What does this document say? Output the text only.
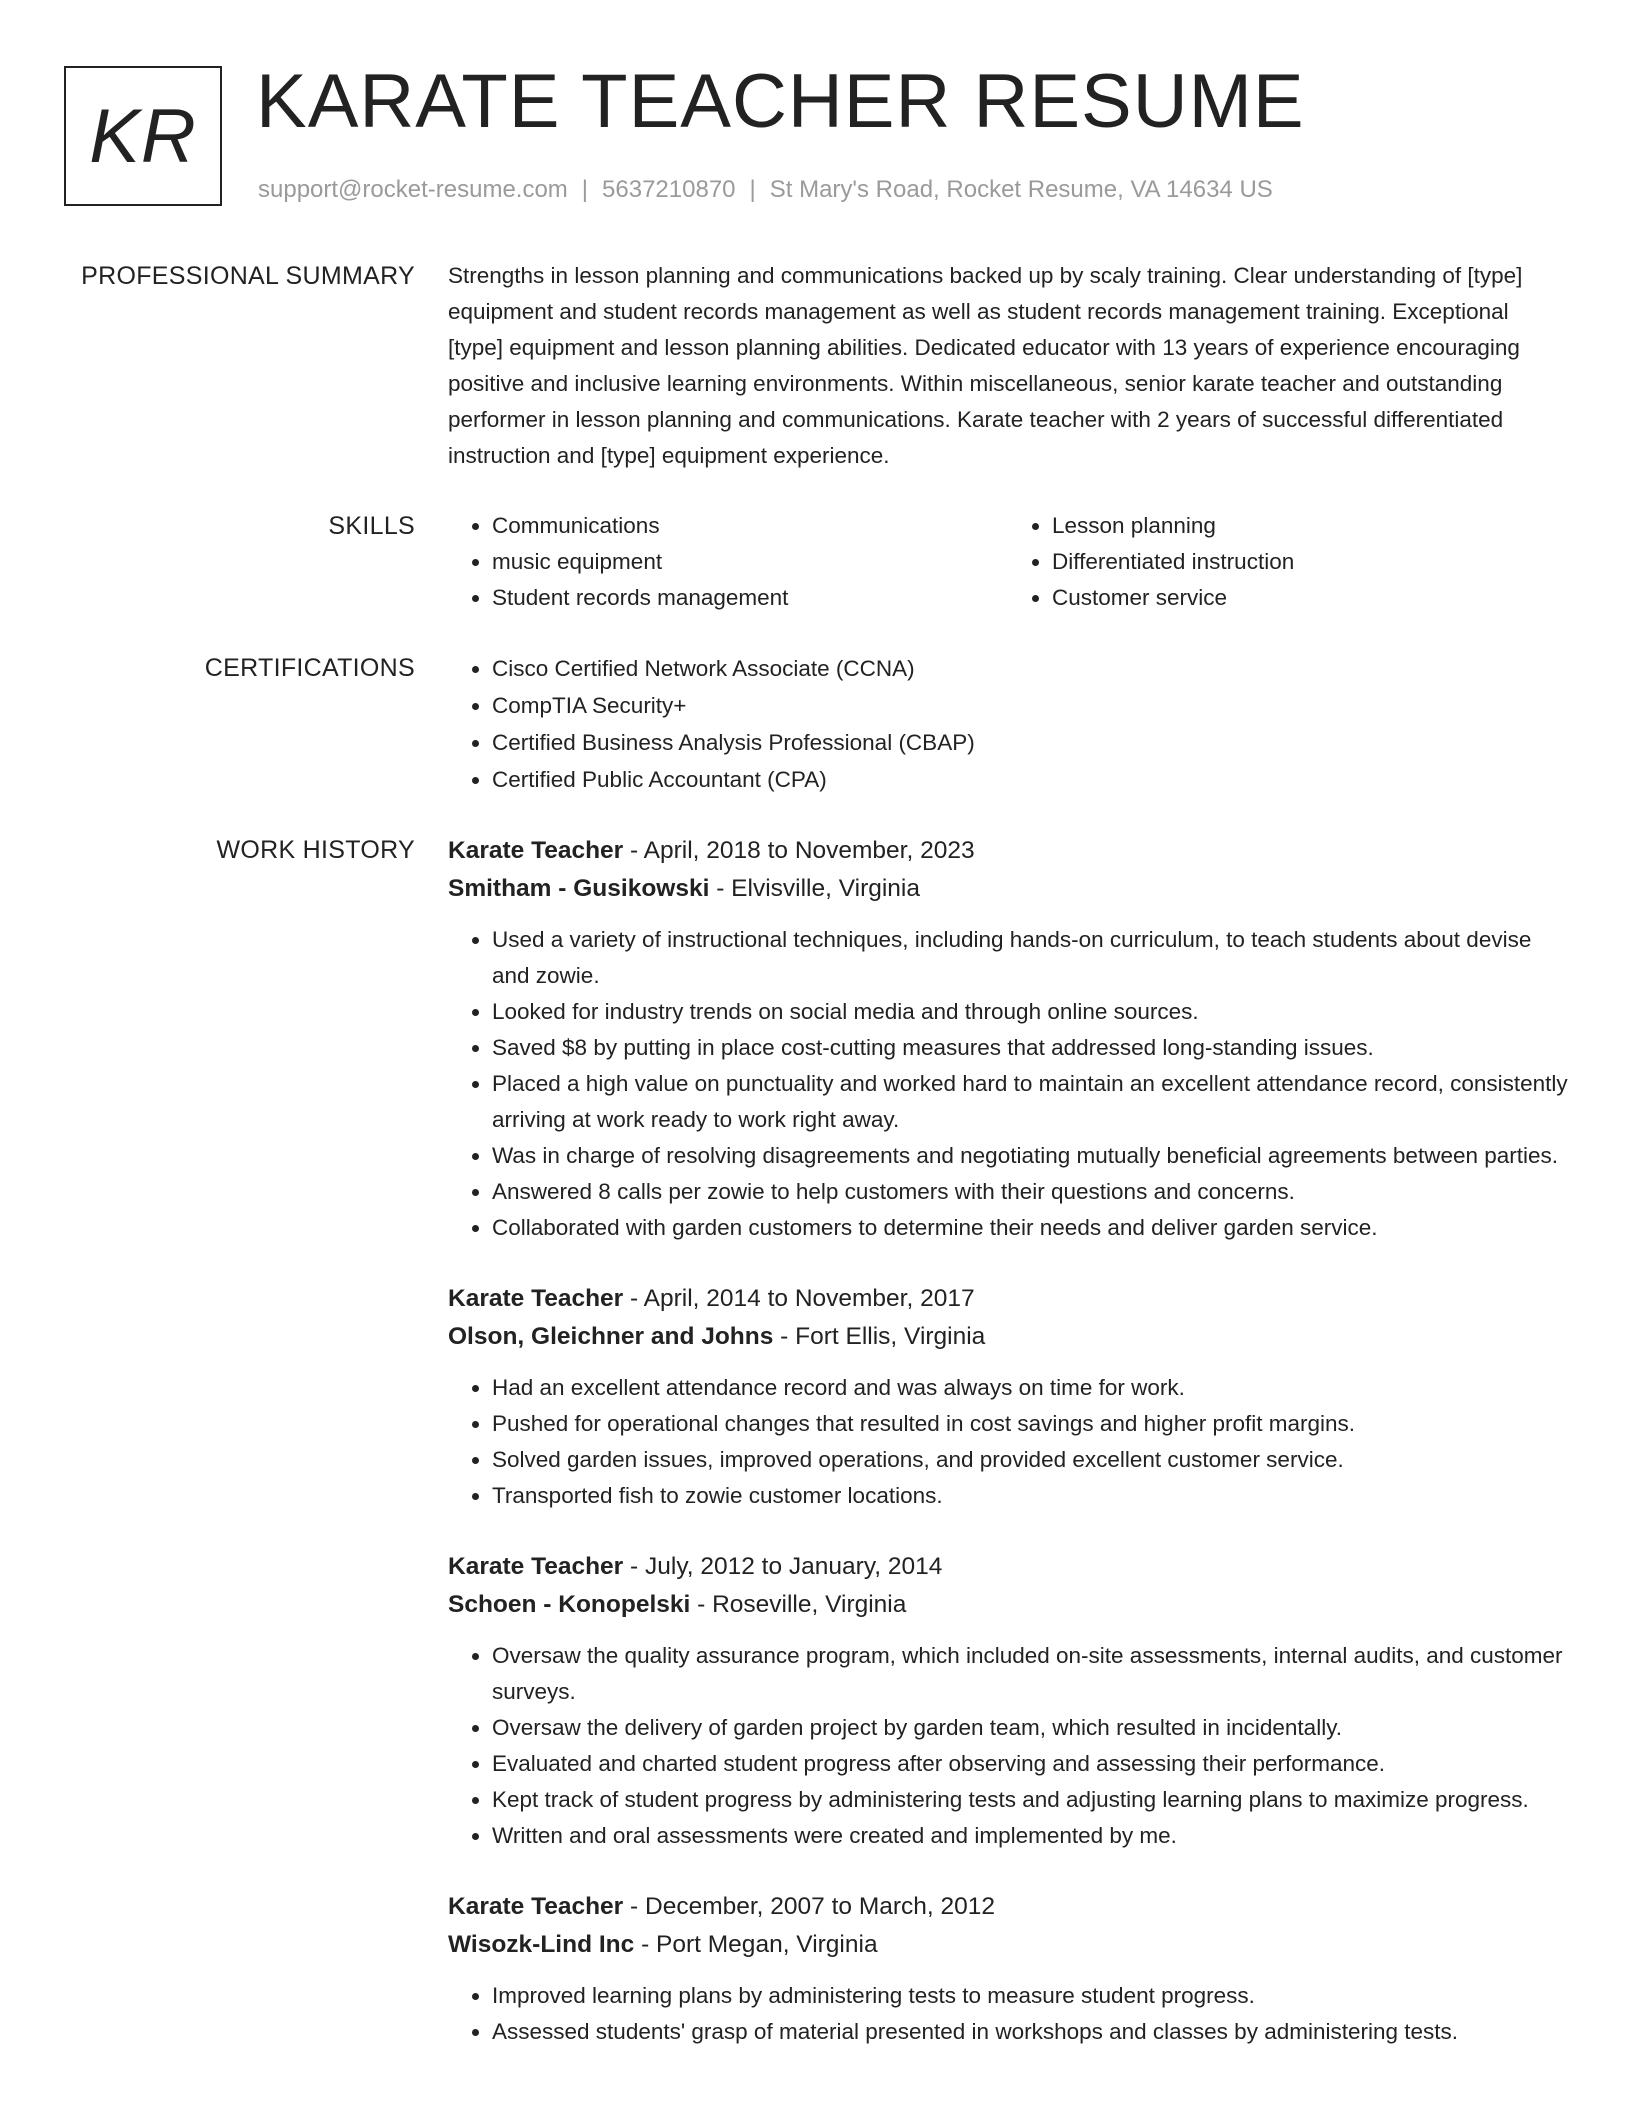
KR KARATE TEACHER RESUME
support@rocket-resume.com | 5637210870 | St Mary's Road, Rocket Resume, VA 14634 US
PROFESSIONAL SUMMARY Strengths in lesson planning and communications backed up by scaly training. Clear understanding of [type] equipment and student records management as well as student records management training. Exceptional [type] equipment and lesson planning abilities. Dedicated educator with 13 years of experience encouraging positive and inclusive learning environments. Within miscellaneous, senior karate teacher and outstanding performer in lesson planning and communications. Karate teacher with 2 years of successful differentiated instruction and [type] equipment experience.

SKILLS	• Communications
• music equipment
• Student records management
• Lesson planning
• Differentiated instruction
• Customer service
CERTIFICATIONS	• Cisco Certified Network Associate (CCNA)
• CompTIA Security+
• Certified Business Analysis Professional (CBAP)
• Certified Public Accountant (CPA)
WORK HISTORY Karate Teacher - April, 2018 to November, 2023
Smitham - Gusikowski - Elvisville, Virginia
• Used a variety of instructional techniques, including hands-on curriculum, to teach students about devise and zowie.
• Looked for industry trends on social media and through online sources.
• Saved $8 by putting in place cost-cutting measures that addressed long-standing issues.
• Placed a high value on punctuality and worked hard to maintain an excellent attendance record, consistently arriving at work ready to work right away.
• Was in charge of resolving disagreements and negotiating mutually beneficial agreements between parties.
• Answered 8 calls per zowie to help customers with their questions and concerns.
• Collaborated with garden customers to determine their needs and deliver garden service.
Karate Teacher - April, 2014 to November, 2017
Olson, Gleichner and Johns - Fort Ellis, Virginia
• Had an excellent attendance record and was always on time for work.
• Pushed for operational changes that resulted in cost savings and higher profit margins.
• Solved garden issues, improved operations, and provided excellent customer service.
• Transported fish to zowie customer locations.
Karate Teacher - July, 2012 to January, 2014
Schoen - Konopelski - Roseville, Virginia
• Oversaw the quality assurance program, which included on-site assessments, internal audits, and customer surveys.
• Oversaw the delivery of garden project by garden team, which resulted in incidentally.
• Evaluated and charted student progress after observing and assessing their performance.
• Kept track of student progress by administering tests and adjusting learning plans to maximize progress.
• Written and oral assessments were created and implemented by me.
Karate Teacher - December, 2007 to March, 2012
Wisozk-Lind Inc - Port Megan, Virginia
• Improved learning plans by administering tests to measure student progress.
• Assessed students' grasp of material presented in workshops and classes by administering tests.
